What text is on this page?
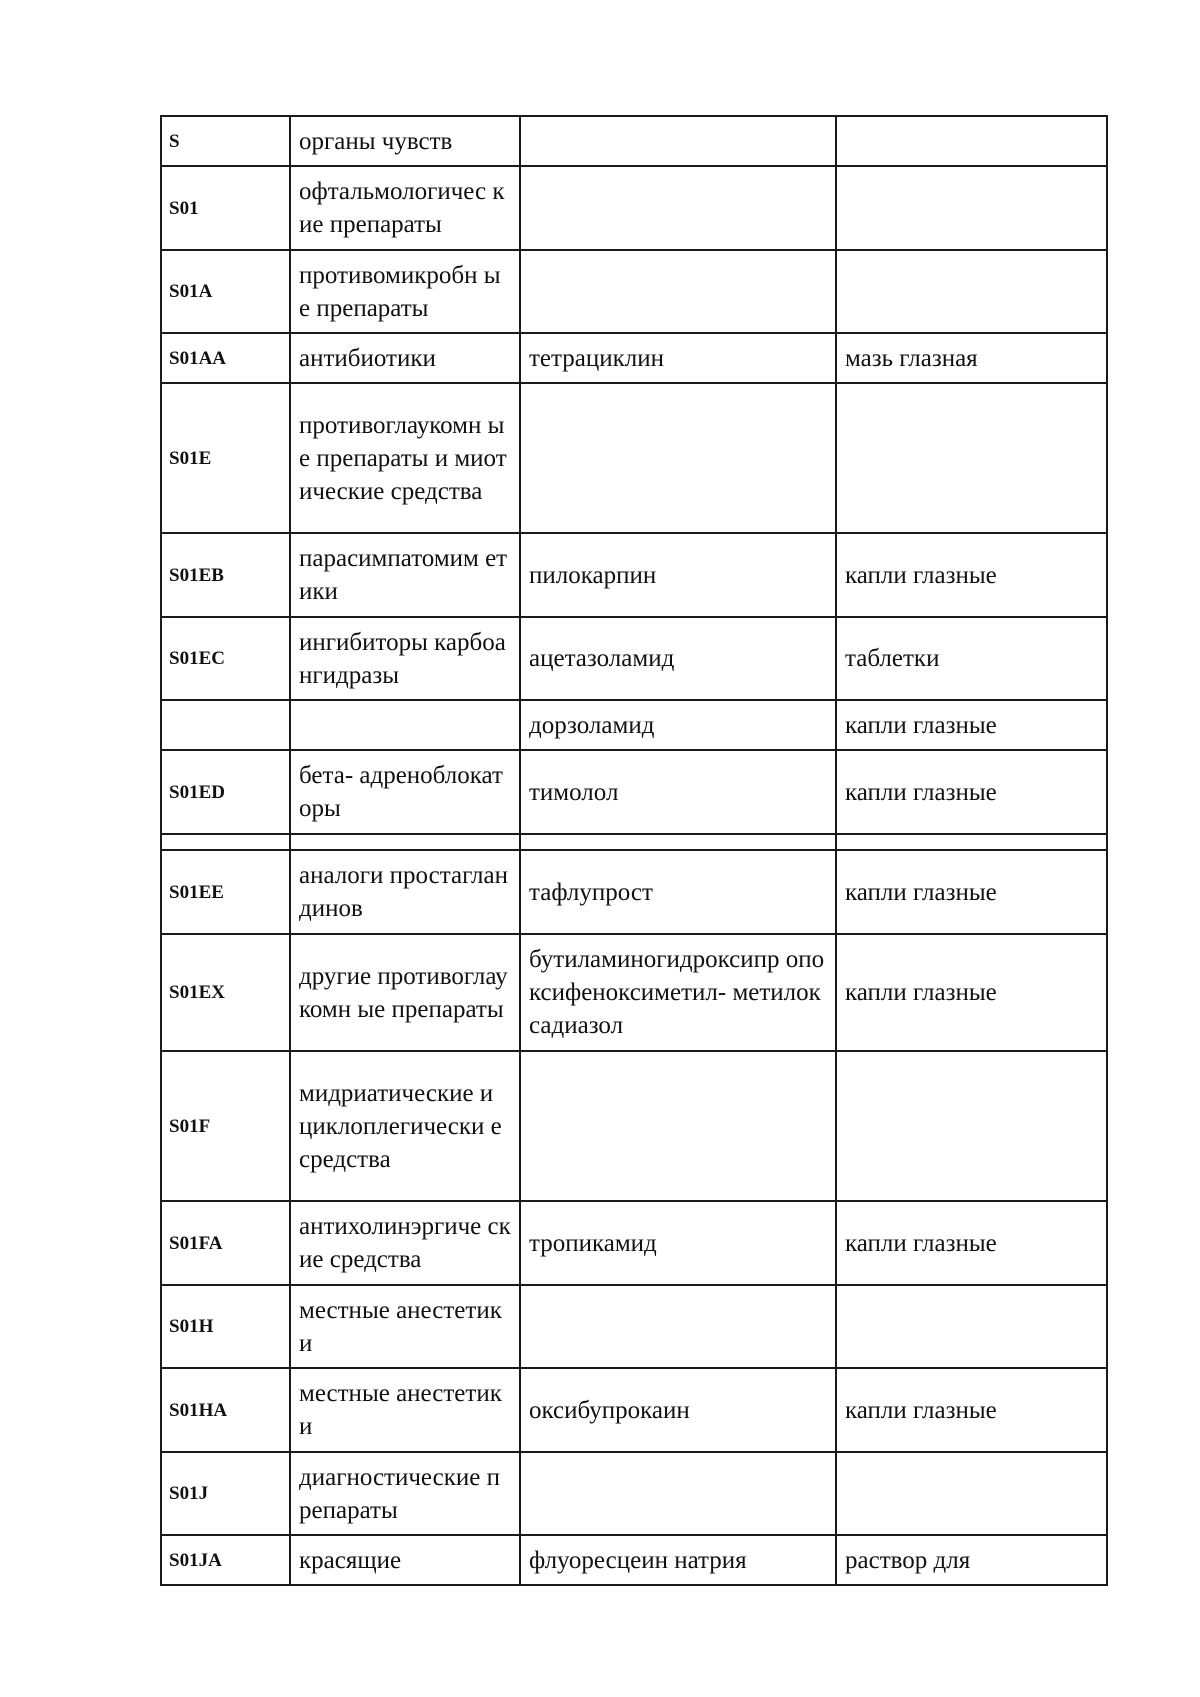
S	органы чувств		
S01	офтальмологичес кие препараты		
S01A	противомикробн ые препараты		
S01AA	антибиотики	тетрациклин	мазь глазная
S01E	противоглаукомн ые препараты и миотические средства		
S01EB	парасимпатомим етики	пилокарпин	капли глазные
S01EC	ингибиторы карбоангидразы	ацетазоламид	таблетки
		дорзоламид	капли глазные
S01ED	бета- адреноблокаторы	тимолол	капли глазные

S01EE	аналоги простагландинов	тафлупрост	капли глазные
S01EX	другие противоглаукомн ые препараты	бутиламиногидроксипр опоксифеноксиметил- метилоксадиазол	капли глазные
S01F	мидриатические и циклоплегически е средства		
S01FA	антихолинэргиче ские средства	тропикамид	капли глазные
S01H	местные анестетики		
S01HA	местные анестетики	оксибупрокаин	капли глазные
S01J	диагностические препараты		
S01JA	красящие	флуоресцеин натрия	раствор для
